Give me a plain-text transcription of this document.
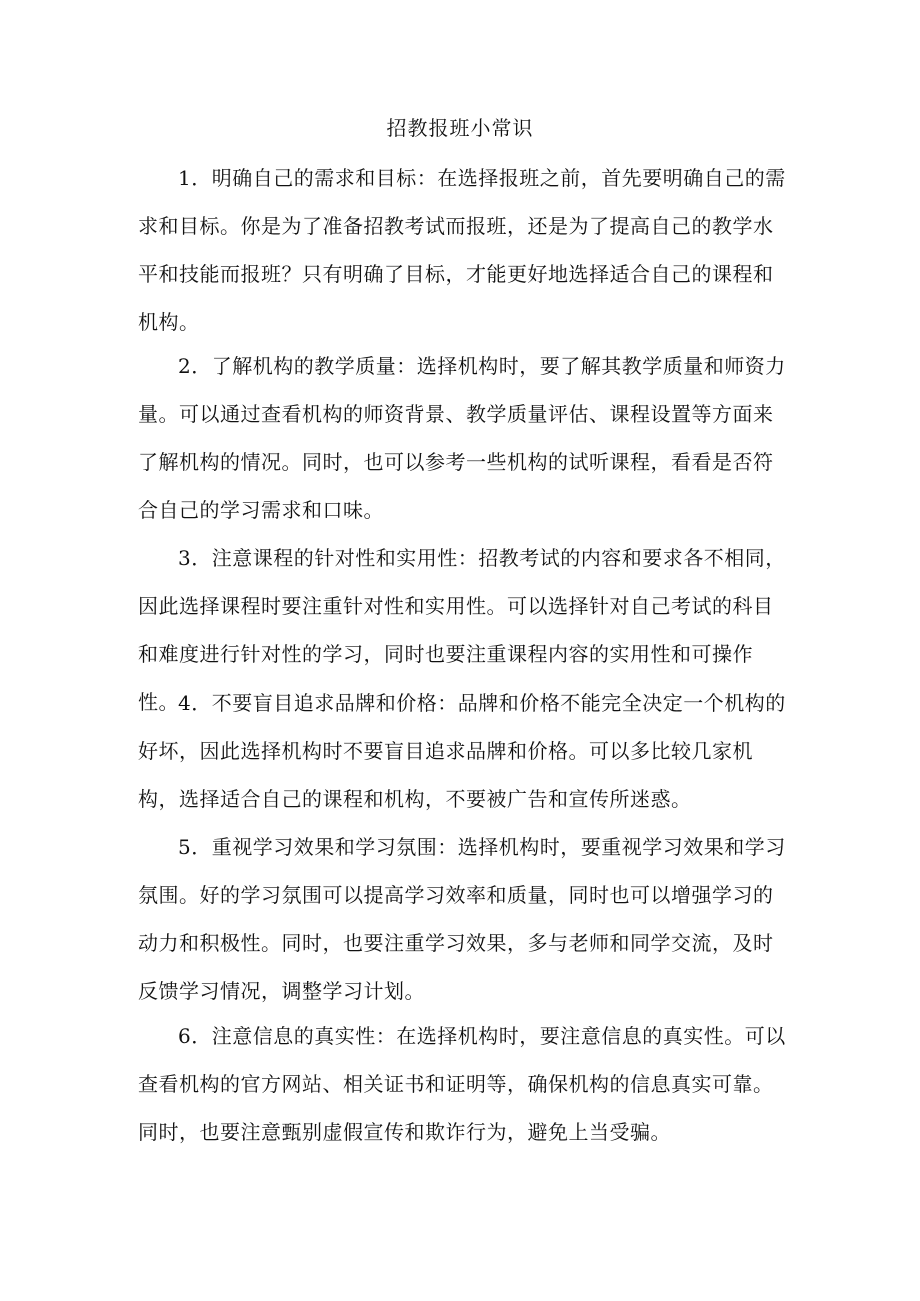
招教报班小常识
1．明确自己的需求和目标：在选择报班之前，首先要明确自己的需求和目标。你是为了准备招教考试而报班，还是为了提高自己的教学水平和技能而报班？只有明确了目标，才能更好地选择适合自己的课程和机构。
2．了解机构的教学质量：选择机构时，要了解其教学质量和师资力量。可以通过查看机构的师资背景、教学质量评估、课程设置等方面来了解机构的情况。同时，也可以参考一些机构的试听课程，看看是否符合自己的学习需求和口味。
3．注意课程的针对性和实用性：招教考试的内容和要求各不相同，因此选择课程时要注重针对性和实用性。可以选择针对自己考试的科目和难度进行针对性的学习，同时也要注重课程内容的实用性和可操作性。 4．不要盲目追求品牌和价格：品牌和价格不能完全决定一个机构的好坏，因此选择机构时不要盲目追求品牌和价格。可以多比较几家机构，选择适合自己的课程和机构，不要被广告和宣传所迷惑。
5．重视学习效果和学习氛围：选择机构时，要重视学习效果和学习氛围。好的学习氛围可以提高学习效率和质量，同时也可以增强学习的动力和积极性。同时，也要注重学习效果，多与老师和同学交流，及时反馈学习情况，调整学习计划。
6．注意信息的真实性：在选择机构时，要注意信息的真实性。可以查看机构的官方网站、相关证书和证明等，确保机构的信息真实可靠。同时，也要注意甄别虚假宣传和欺诈行为，避免上当受骗。
